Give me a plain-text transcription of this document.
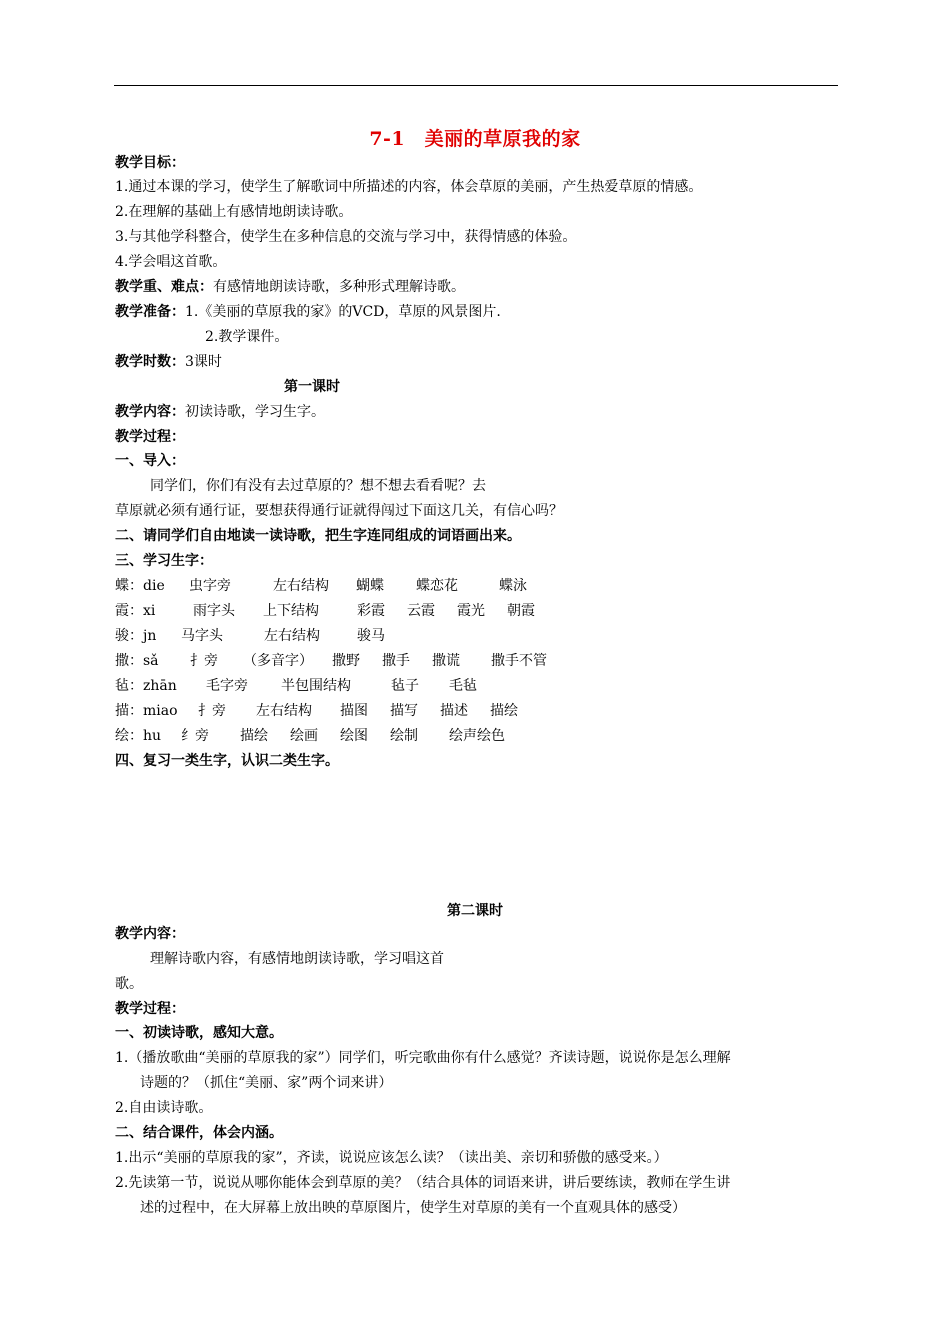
7-1　美丽的草原我的家
教学目标：
1.通过本课的学习，使学生了解歌词中所描述的内容，体会草原的美丽，产生热爱草原的情感。
2.在理解的基础上有感情地朗读诗歌。
3.与其他学科整合，使学生在多种信息的交流与学习中，获得情感的体验。
4.学会唱这首歌。
教学重、难点：有感情地朗读诗歌，多种形式理解诗歌。
教学准备：1.《美丽的草原我的家》的VCD，草原的风景图片.
2.教学课件。
教学时数：3课时
第一课时
教学内容：初读诗歌，学习生字。
教学过程：
一、导入：
同学们，你们有没有去过草原的？想不想去看看呢？去
草原就必须有通行证，要想获得通行证就得闯过下面这几关，有信心吗？
二、请同学们自由地读一读诗歌，把生字连同组成的词语画出来。
三、学习生字：
蝶：die 虫字旁	左右结构 蝴蝶 蝶恋花	蝶泳
霞：xi	雨字头 上下结构	彩霞 云霞 霞光 朝霞
骏：jn 马字头	左右结构	骏马
撒：sǎ 扌旁 （多音字） 撒野 撒手 撒谎 撒手不管
毡：zhān 毛字旁 半包围结构	毡子 毛毡
描：miao 扌旁 左右结构 描图 描写 描述 描绘
绘：hu 纟旁 描绘 绘画 绘图 绘制 绘声绘色
四、复习一类生字，认识二类生字。
第二课时
教学内容：
理解诗歌内容，有感情地朗读诗歌，学习唱这首
歌。
教学过程：
一、初读诗歌，感知大意。
1.（播放歌曲“美丽的草原我的家”）同学们，听完歌曲你有什么感觉？齐读诗题，说说你是怎么理解
诗题的？（抓住“美丽、家”两个词来讲）
2.自由读诗歌。
二、结合课件，体会内涵。
1.出示“美丽的草原我的家”，齐读，说说应该怎么读？（读出美、亲切和骄傲的感受来。）
2.先读第一节，说说从哪你能体会到草原的美？（结合具体的词语来讲，讲后要练读，教师在学生讲
述的过程中，在大屏幕上放出映的草原图片，使学生对草原的美有一个直观具体的感受）
